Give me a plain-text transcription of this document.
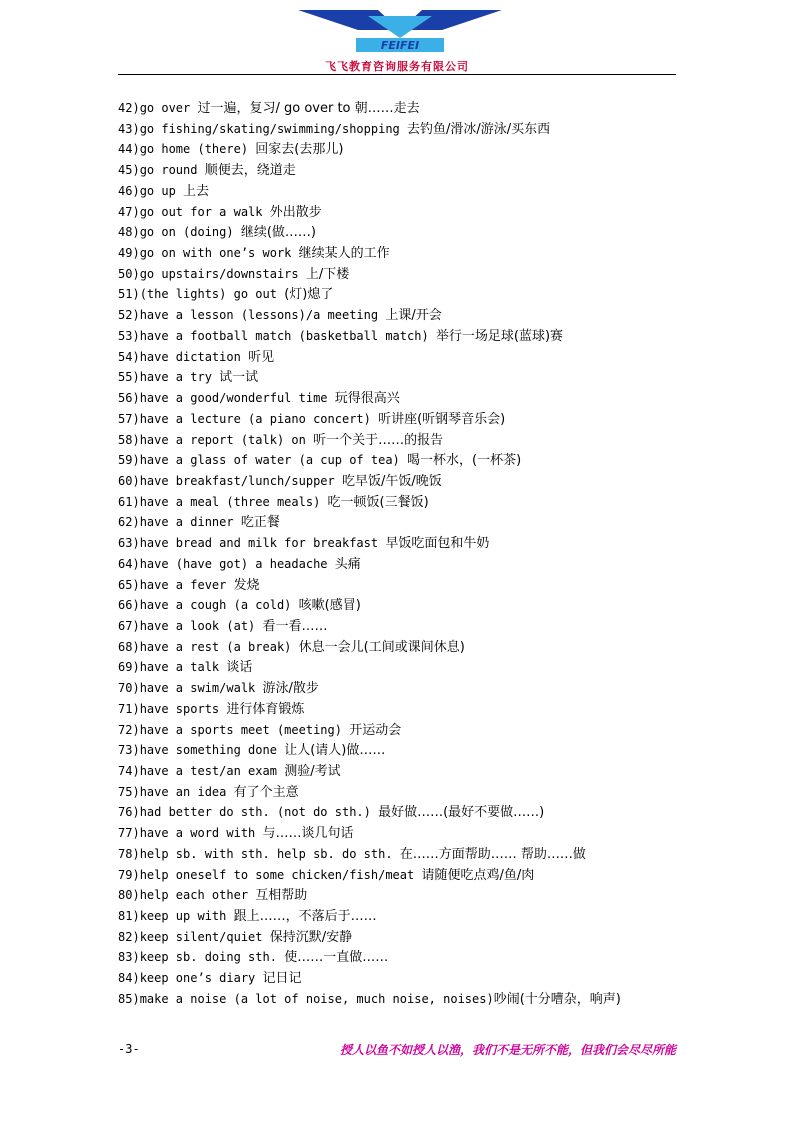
FEIFEI
飞飞教育咨询服务有限公司
42)go over 过一遍，复习/ go over to 朝……走去
43)go fishing/skating/swimming/shopping 去钓鱼/滑冰/游泳/买东西
44)go home (there) 回家去(去那儿)
45)go round 顺便去，绕道走
46)go up 上去
47)go out for a walk 外出散步
48)go on (doing) 继续(做……)
49)go on with one’s work 继续某人的工作
50)go upstairs/downstairs 上/下楼
51)(the lights) go out (灯)熄了
52)have a lesson (lessons)/a meeting 上课/开会
53)have a football match (basketball match) 举行一场足球(蓝球)赛
54)have dictation 听见
55)have a try 试一试
56)have a good/wonderful time 玩得很高兴
57)have a lecture (a piano concert) 听讲座(听钢琴音乐会)
58)have a report (talk) on 听一个关于……的报告
59)have a glass of water (a cup of tea) 喝一杯水，(一杯茶)
60)have breakfast/lunch/supper 吃早饭/午饭/晚饭
61)have a meal (three meals) 吃一顿饭(三餐饭)
62)have a dinner 吃正餐
63)have bread and milk for breakfast 早饭吃面包和牛奶
64)have (have got) a headache 头痛
65)have a fever 发烧
66)have a cough (a cold) 咳嗽(感冒)
67)have a look (at) 看一看……
68)have a rest (a break) 休息一会儿(工间或课间休息)
69)have a talk 谈话
70)have a swim/walk 游泳/散步
71)have sports 进行体育锻炼
72)have a sports meet (meeting) 开运动会
73)have something done 让人(请人)做……
74)have a test/an exam 测验/考试
75)have an idea 有了个主意
76)had better do sth. (not do sth.) 最好做……(最好不要做……)
77)have a word with 与……谈几句话
78)help sb. with sth. help sb. do sth. 在……方面帮助…… 帮助……做
79)help oneself to some chicken/fish/meat 请随便吃点鸡/鱼/肉
80)help each other 互相帮助
81)keep up with 跟上……，不落后于……
82)keep silent/quiet 保持沉默/安静
83)keep sb. doing sth. 使……一直做……
84)keep one’s diary 记日记
85)make a noise (a lot of noise, much noise, noises)吵闹(十分嘈杂，响声)
-3-	授人以鱼不如授人以渔，我们不是无所不能，但我们会尽尽所能
